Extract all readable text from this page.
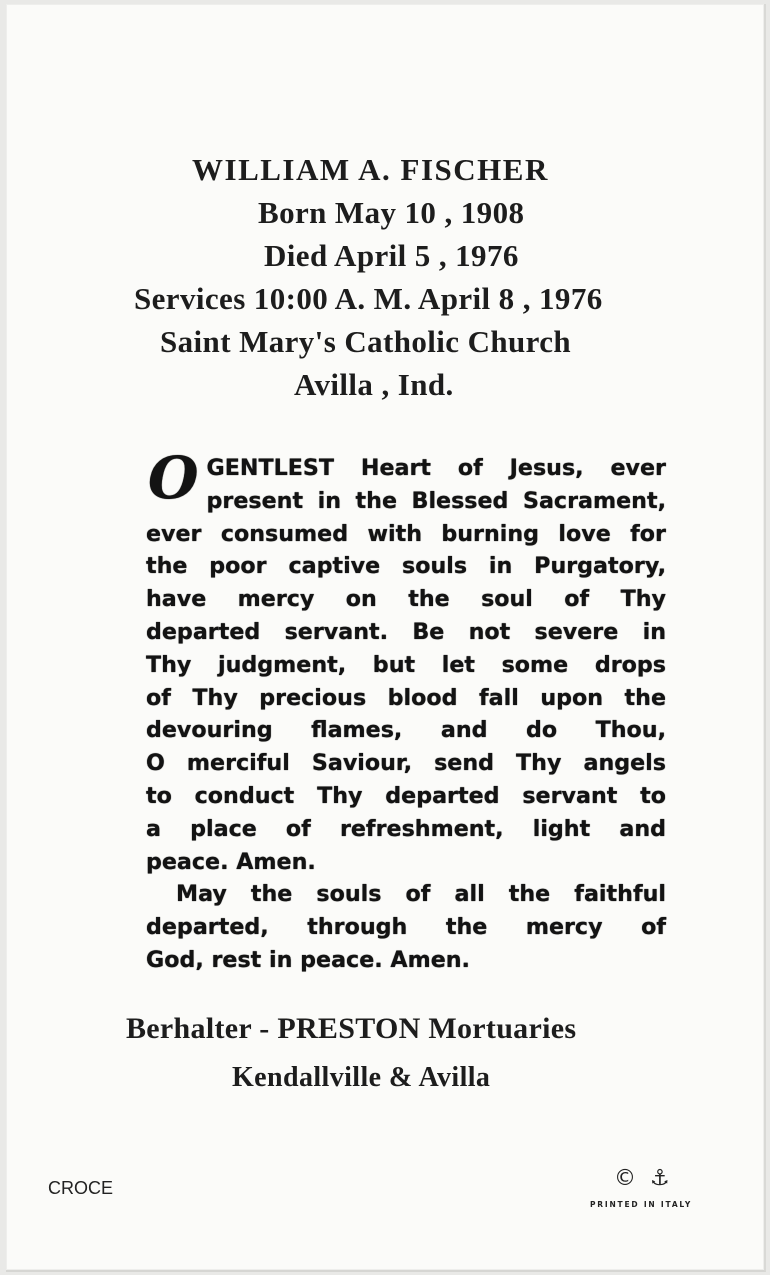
WILLIAM A. FISCHER
Born May 10 , 1908
Died April 5 , 1976
Services 10:00 A. M. April 8 , 1976
Saint Mary's Catholic Church
Avilla , Ind.
O GENTLEST Heart of Jesus, ever
present in the Blessed Sacrament,
ever consumed with burning love for
the poor captive souls in Purgatory,
have mercy on the soul of Thy
departed servant. Be not severe in
Thy judgment, but let some drops
of Thy precious blood fall upon the
devouring flames, and do Thou,
O merciful Saviour, send Thy angels
to conduct Thy departed servant to
a place of refreshment, light and
peace. Amen.
May the souls of all the faithful
departed, through the mercy of
God, rest in peace. Amen.
Berhalter - PRESTON Mortuaries
Kendallville & Avilla
CROCE	© ⚓
PRINTED IN ITALY
